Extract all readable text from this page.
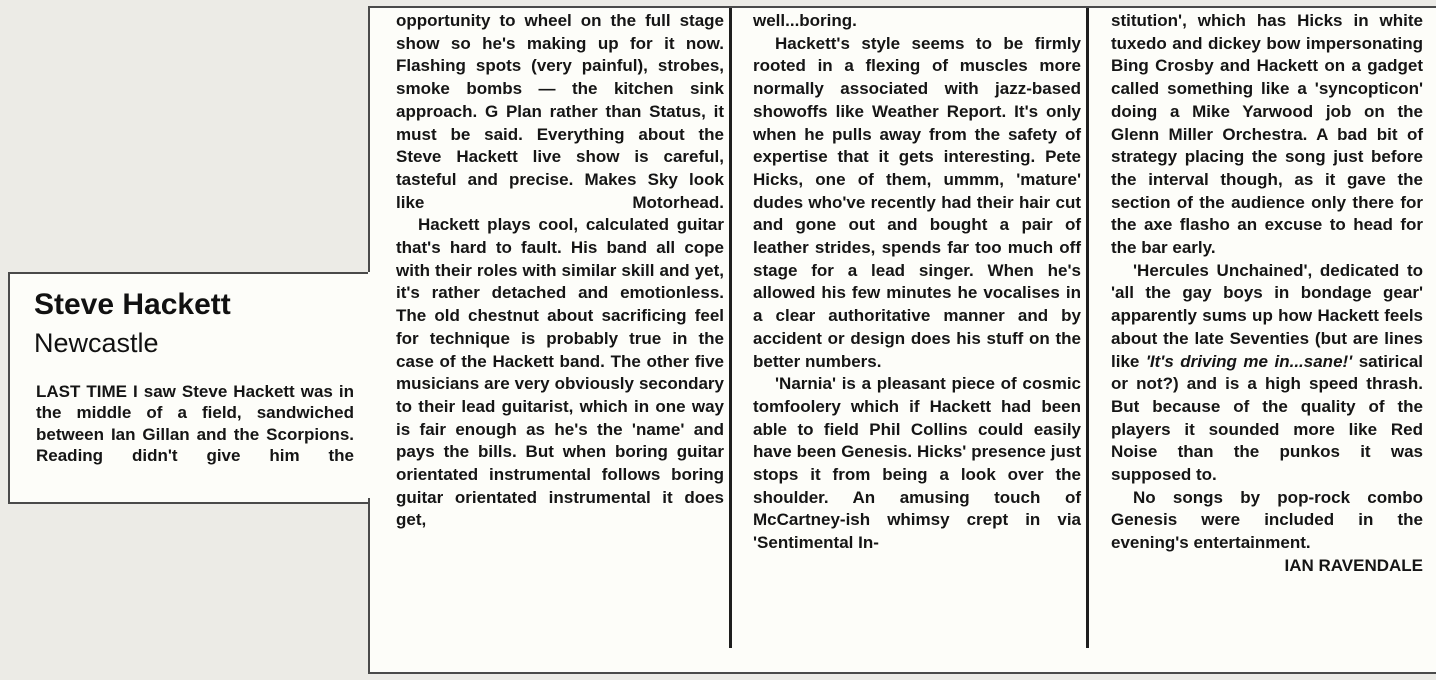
Steve Hackett
Newcastle
LAST TIME I saw Steve Hackett was in the middle of a field, sandwiched between Ian Gillan and the Scorpions. Reading didn't give him the

opportunity to wheel on the full stage show so he's making up for it now. Flashing spots (very painful), strobes, smoke bombs — the kitchen sink approach. G Plan rather than Status, it must be said. Everything about the Steve Hackett live show is careful, tasteful and precise. Makes Sky look like Motorhead.

Hackett plays cool, calculated guitar that's hard to fault. His band all cope with their roles with similar skill and yet, it's rather detached and emotionless. The old chestnut about sacrificing feel for technique is probably true in the case of the Hackett band. The other five musicians are very obviously secondary to their lead guitarist, which in one way is fair enough as he's the 'name' and pays the bills. But when boring guitar orientated instrumental follows boring guitar orientated instrumental it does get,

well...boring.

Hackett's style seems to be firmly rooted in a flexing of muscles more normally associated with jazz-based showoffs like Weather Report. It's only when he pulls away from the safety of expertise that it gets interesting. Pete Hicks, one of them, ummm, 'mature' dudes who've recently had their hair cut and gone out and bought a pair of leather strides, spends far too much off stage for a lead singer. When he's allowed his few minutes he vocalises in a clear authoritative manner and by accident or design does his stuff on the better numbers.

'Narnia' is a pleasant piece of cosmic tomfoolery which if Hackett had been able to field Phil Collins could easily have been Genesis. Hicks' presence just stops it from being a look over the shoulder. An amusing touch of McCartney-ish whimsy crept in via 'Sentimental In-

stitution', which has Hicks in white tuxedo and dickey bow impersonating Bing Crosby and Hackett on a gadget called something like a 'syncopticon' doing a Mike Yarwood job on the Glenn Miller Orchestra. A bad bit of strategy placing the song just before the interval though, as it gave the section of the audience only there for the axe flasho an excuse to head for the bar early.

'Hercules Unchained', dedicated to 'all the gay boys in bondage gear' apparently sums up how Hackett feels about the late Seventies (but are lines like 'It's driving me in...sane!' satirical or not?) and is a high speed thrash. But because of the quality of the players it sounded more like Red Noise than the punkos it was supposed to.

No songs by pop-rock combo Genesis were included in the evening's entertainment.

IAN RAVENDALE
